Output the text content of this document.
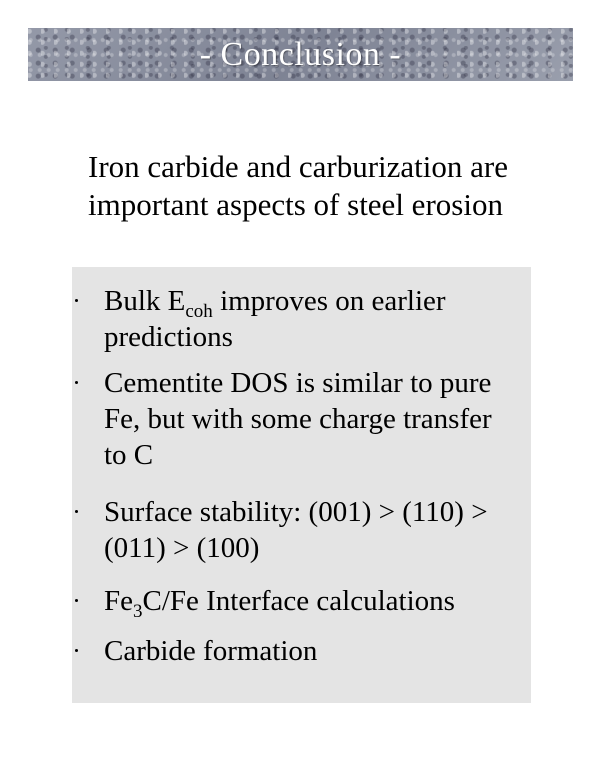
- Conclusion -
Iron carbide and carburization are
important aspects of steel erosion
Bulk $E_{coh}$ improves on earlier
predictions
Cementite DOS is similar to pure
Fe, but with some charge transfer
to C
Surface stability: (001) > (110) >
(011) > (100)
$Fe_3C/Fe$ Interface calculations
Carbide formation
